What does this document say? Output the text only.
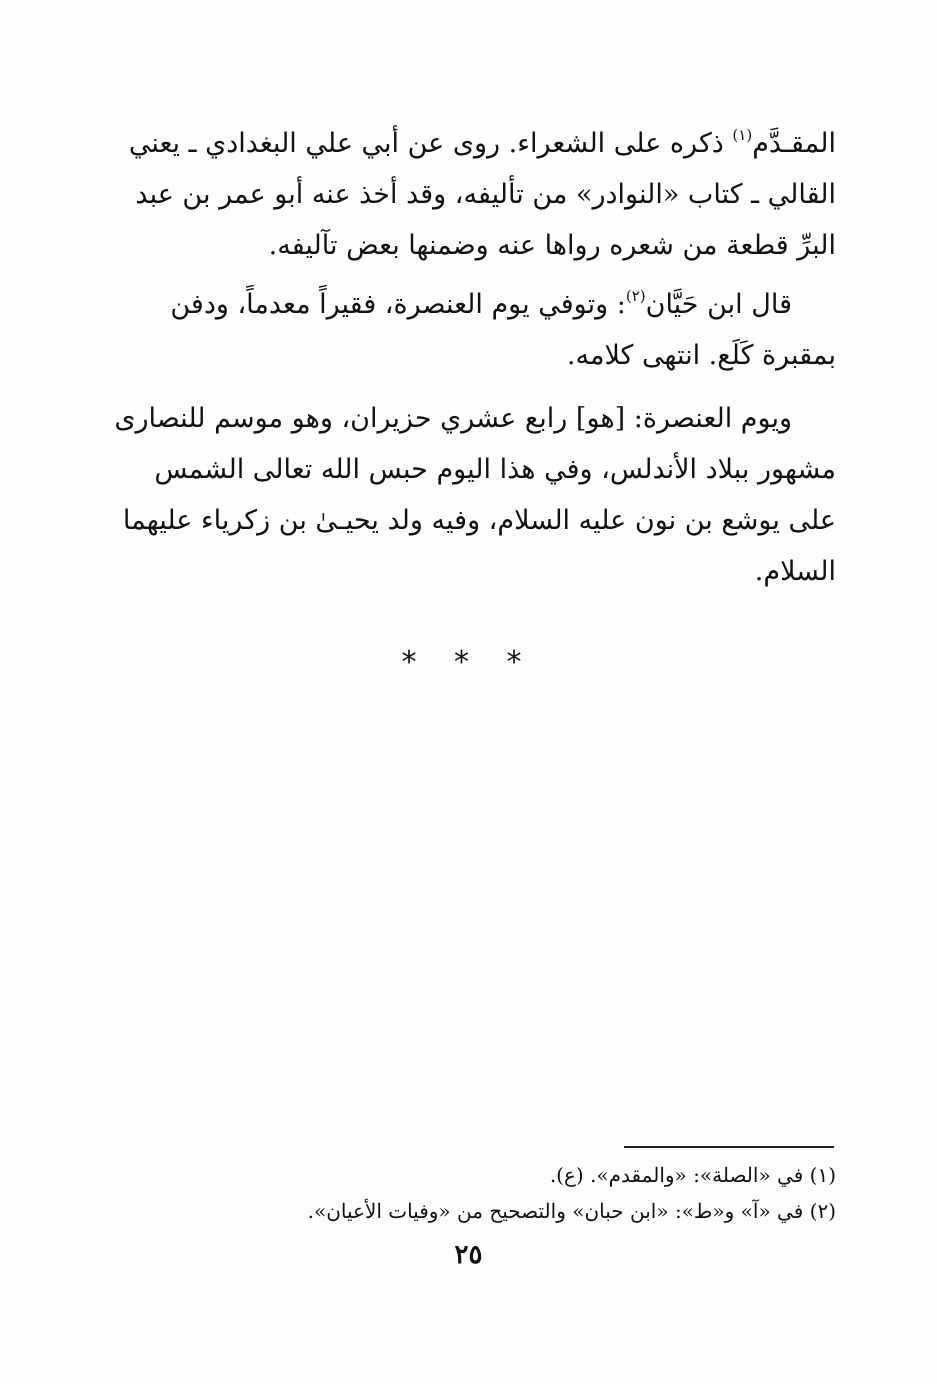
المقـدَّم$^{(١)}$ ذكره على الشعراء. روى عن أبي علي البغدادي ـ يعني القالي ـ كتاب «النوادر» من تأليفه، وقد أخذ عنه أبو عمر بن عبد البرِّ قطعة من شعره رواها عنه وضمنها بعض تآليفه.

قال ابن حَيَّان$^{(٢)}$: وتوفي يوم العنصرة، فقيراً معدماً، ودفن بمقبرة كَلَع. انتهى كلامه.

ويوم العنصرة: [هو] رابع عشري حزيران، وهو موسم للنصارى مشهور ببلاد الأندلس، وفي هذا اليوم حبس الله تعالى الشمس على يوشع بن نون عليه السلام، وفيه ولد يحيـىٰ بن زكرياء عليهما السلام.

* * *

(١) في «الصلة»: «والمقدم». (ع).

(٢) في «آ» و«ط»: «ابن حبان» والتصحيح من «وفيات الأعيان».

٢٥
